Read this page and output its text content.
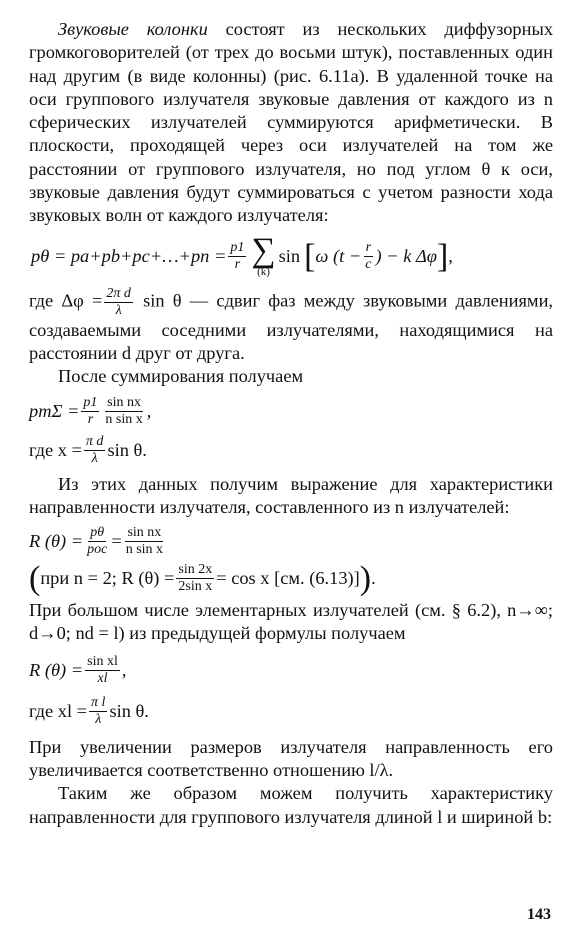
Звуковые колонки состоят из нескольких диффузорных громкоговорителей (от трех до восьми штук), поставленных один над другим (в виде колонны) (рис. 6.11а). В удаленной точке на оси группового излучателя звуковые давления от каждого из n сферических излучателей суммируются арифметически. В плоскости, проходящей через оси излучателей на том же расстоянии от группового излучателя, но под углом θ к оси, звуковые давления будут суммироваться с учетом разности хода звуковых волн от каждого излучателя:

pθ = pa+pb+pc+…+pn = $\frac{p1}{r}$ ∑
(k)
sin [ ω ($t - \frac{r}{c}$ ) − k Δφ ] ,

где $\Delta\varphi = \frac{\text{2π d}}{\lambda}$ sin θ — сдвиг фаз между звуковыми давлениями, создаваемыми соседними излучателями, находящимися на расстоянии d друг от друга.

После суммирования получаем

$pm\Sigma = \frac{p1}{r} \frac{\text{sin nx}}{\text{n sin x}}$ ,
где $x = \frac{\text{π d}}{\lambda}$ sin θ.

Из этих данных получим выражение для характеристики направленности излучателя, составленного из n излучателей:

R $(\theta) = \frac{p\theta}{\text{poc}} = \frac{\text{sin nx}}{\text{n sin x}}$
( при n = 2; R $(\theta) = \frac{\sin 2x}{\text{2sin x}} = \cos x$ [см. (6.13)] ) .

При большом числе элементарных излучателей (см. § 6.2), n→∞; d→0; nd = l) из предыдущей формулы получаем

R $(\theta) = \frac{\text{sin xl}}{xl}$ ,
где xl = $\frac{\text{π l}}{\lambda}$ sin θ.

При увеличении размеров излучателя направленность его увеличивается соответственно отношению l/λ.

Таким же образом можем получить характеристику направленности для группового излучателя длиной l и шириной b:

143
